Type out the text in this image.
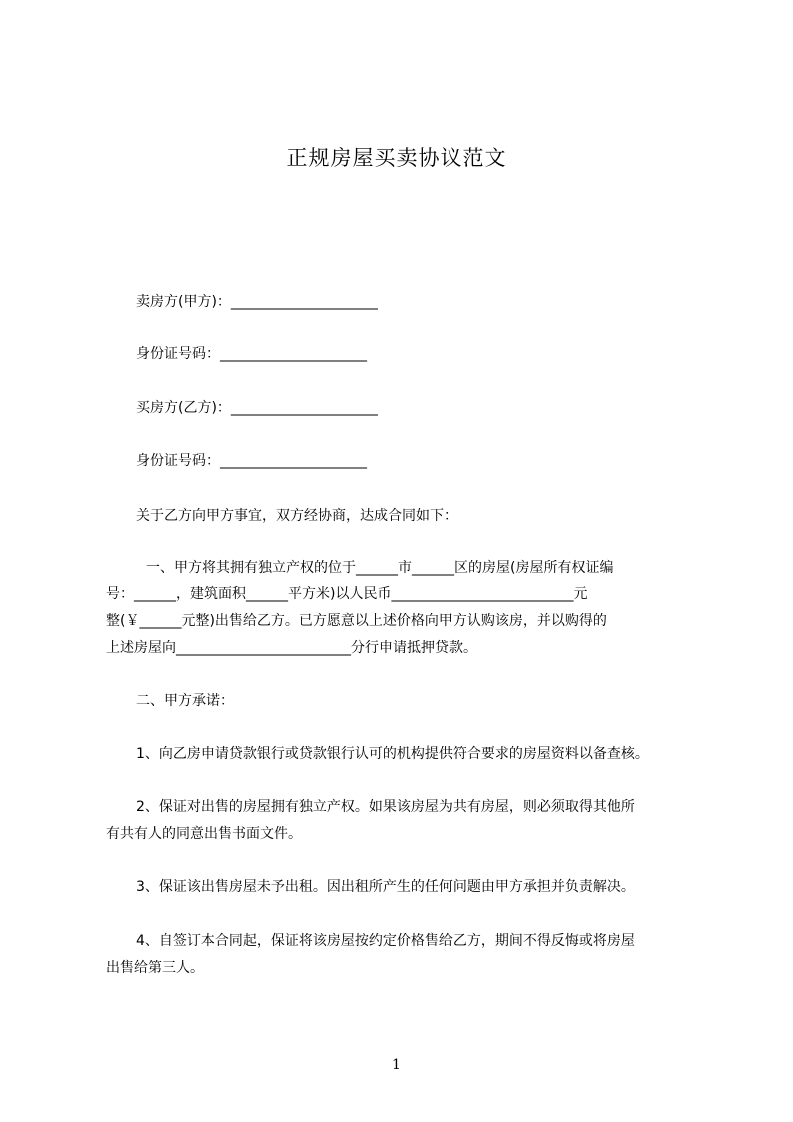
正规房屋买卖协议范文
卖房方(甲方)：_____________________
身份证号码：_____________________
买房方(乙方)：_____________________
身份证号码：_____________________
关于乙方向甲方事宜，双方经协商，达成合同如下：
一、甲方将其拥有独立产权的位于______市______区的房屋(房屋所有权证编
号：______，建筑面积______平方米)以人民币__________________________元
整(￥______元整)出售给乙方。已方愿意以上述价格向甲方认购该房，并以购得的
上述房屋向_________________________分行申请抵押贷款。
二、甲方承诺：
1、向乙房申请贷款银行或贷款银行认可的机构提供符合要求的房屋资料以备查核。
2、保证对出售的房屋拥有独立产权。如果该房屋为共有房屋，则必须取得其他所
有共有人的同意出售书面文件。
3、保证该出售房屋未予出租。因出租所产生的任何问题由甲方承担并负责解决。
4、自签订本合同起，保证将该房屋按约定价格售给乙方，期间不得反悔或将房屋
出售给第三人。
1
